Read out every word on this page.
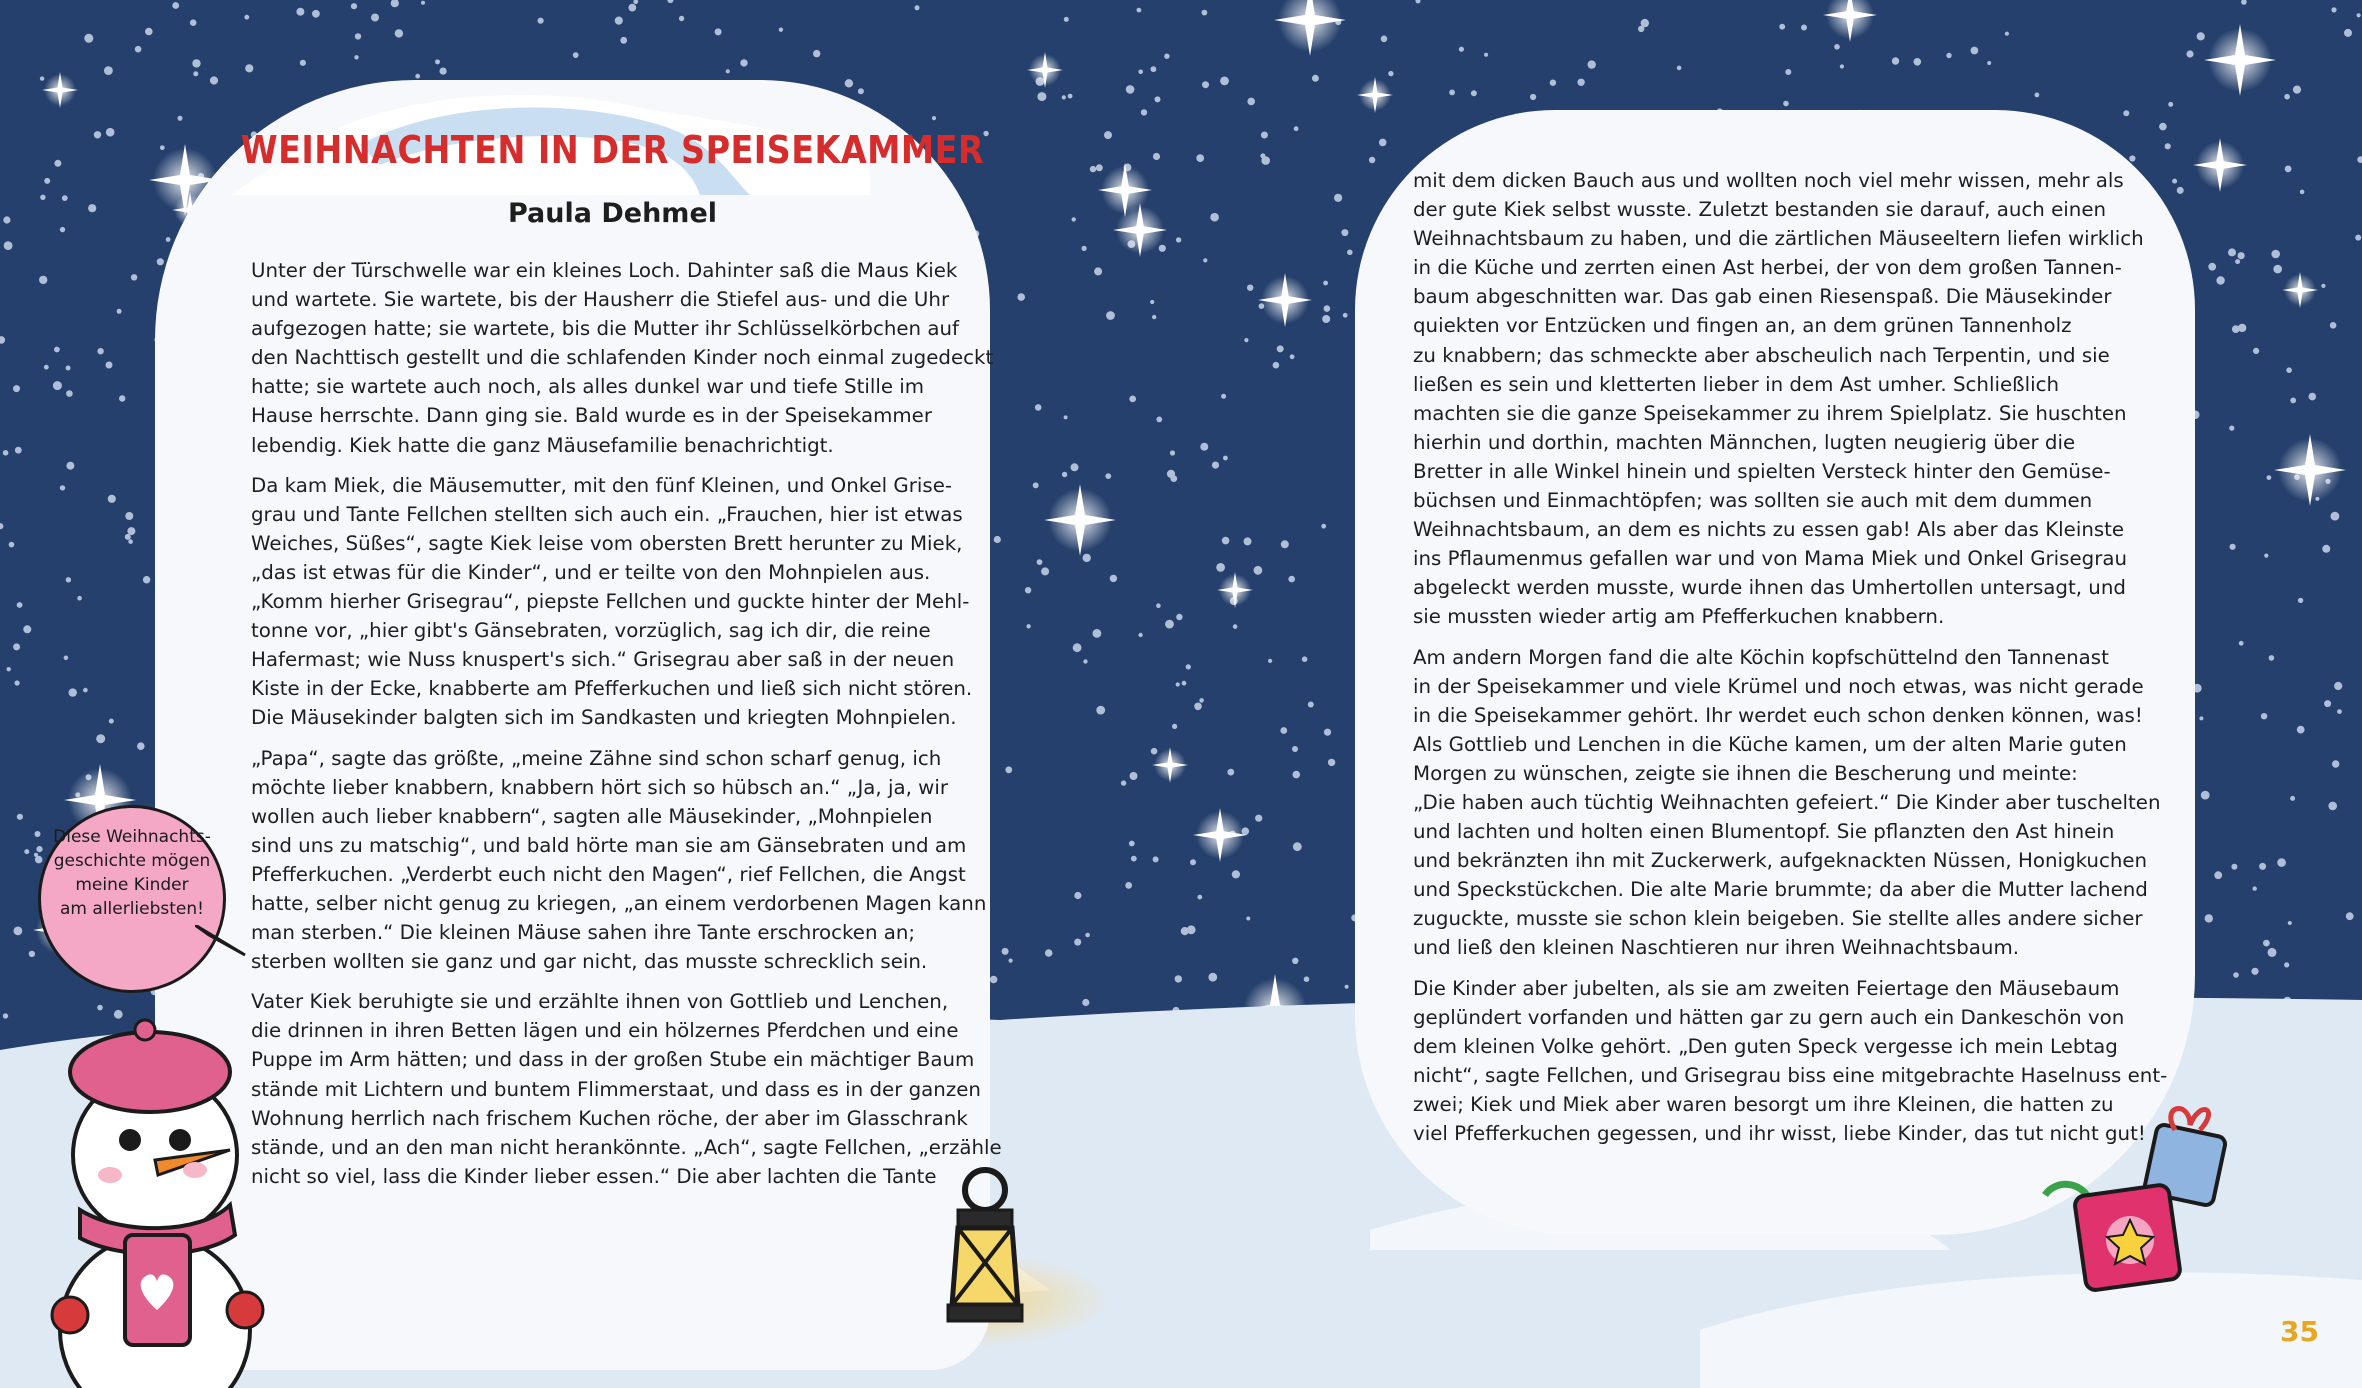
WEIHNACHTEN IN DER SPEISEKAMMER
Paula Dehmel

Unter der Türschwelle war ein kleines Loch. Dahinter saß die Maus Kiek
und wartete. Sie wartete, bis der Hausherr die Stiefel aus- und die Uhr
aufgezogen hatte; sie wartete, bis die Mutter ihr Schlüsselkörbchen auf
den Nachttisch gestellt und die schlafenden Kinder noch einmal zugedeckt
hatte; sie wartete auch noch, als alles dunkel war und tiefe Stille im
Hause herrschte. Dann ging sie. Bald wurde es in der Speisekammer
lebendig. Kiek hatte die ganz Mäusefamilie benachrichtigt.

Da kam Miek, die Mäusemutter, mit den fünf Kleinen, und Onkel Grise-
grau und Tante Fellchen stellten sich auch ein. „Frauchen, hier ist etwas
Weiches, Süßes“, sagte Kiek leise vom obersten Brett herunter zu Miek,
„das ist etwas für die Kinder“, und er teilte von den Mohnpielen aus.
„Komm hierher Grisegrau“, piepste Fellchen und guckte hinter der Mehl-
tonne vor, „hier gibt's Gänsebraten, vorzüglich, sag ich dir, die reine
Hafermast; wie Nuss knuspert's sich.“ Grisegrau aber saß in der neuen
Kiste in der Ecke, knabberte am Pfefferkuchen und ließ sich nicht stören.
Die Mäusekinder balgten sich im Sandkasten und kriegten Mohnpielen.

„Papa“, sagte das größte, „meine Zähne sind schon scharf genug, ich
möchte lieber knabbern, knabbern hört sich so hübsch an.“ „Ja, ja, wir
wollen auch lieber knabbern“, sagten alle Mäusekinder, „Mohnpielen
sind uns zu matschig“, und bald hörte man sie am Gänsebraten und am
Pfefferkuchen. „Verderbt euch nicht den Magen“, rief Fellchen, die Angst
hatte, selber nicht genug zu kriegen, „an einem verdorbenen Magen kann
man sterben.“ Die kleinen Mäuse sahen ihre Tante erschrocken an;
sterben wollten sie ganz und gar nicht, das musste schrecklich sein.

Vater Kiek beruhigte sie und erzählte ihnen von Gottlieb und Lenchen,
die drinnen in ihren Betten lägen und ein hölzernes Pferdchen und eine
Puppe im Arm hätten; und dass in der großen Stube ein mächtiger Baum
stände mit Lichtern und buntem Flimmerstaat, und dass es in der ganzen
Wohnung herrlich nach frischem Kuchen röche, der aber im Glasschrank
stände, und an den man nicht herankönnte. „Ach“, sagte Fellchen, „erzähle
nicht so viel, lass die Kinder lieber essen.“ Die aber lachten die Tante

mit dem dicken Bauch aus und wollten noch viel mehr wissen, mehr als
der gute Kiek selbst wusste. Zuletzt bestanden sie darauf, auch einen
Weihnachtsbaum zu haben, und die zärtlichen Mäuseeltern liefen wirklich
in die Küche und zerrten einen Ast herbei, der von dem großen Tannen-
baum abgeschnitten war. Das gab einen Riesenspaß. Die Mäusekinder
quiekten vor Entzücken und fingen an, an dem grünen Tannenholz
zu knabbern; das schmeckte aber abscheulich nach Terpentin, und sie
ließen es sein und kletterten lieber in dem Ast umher. Schließlich
machten sie die ganze Speisekammer zu ihrem Spielplatz. Sie huschten
hierhin und dorthin, machten Männchen, lugten neugierig über die
Bretter in alle Winkel hinein und spielten Versteck hinter den Gemüse-
büchsen und Einmachtöpfen; was sollten sie auch mit dem dummen
Weihnachtsbaum, an dem es nichts zu essen gab! Als aber das Kleinste
ins Pflaumenmus gefallen war und von Mama Miek und Onkel Grisegrau
abgeleckt werden musste, wurde ihnen das Umhertollen untersagt, und
sie mussten wieder artig am Pfefferkuchen knabbern.

Am andern Morgen fand die alte Köchin kopfschüttelnd den Tannenast
in der Speisekammer und viele Krümel und noch etwas, was nicht gerade
in die Speisekammer gehört. Ihr werdet euch schon denken können, was!
Als Gottlieb und Lenchen in die Küche kamen, um der alten Marie guten
Morgen zu wünschen, zeigte sie ihnen die Bescherung und meinte:
„Die haben auch tüchtig Weihnachten gefeiert.“ Die Kinder aber tuschelten
und lachten und holten einen Blumentopf. Sie pflanzten den Ast hinein
und bekränzten ihn mit Zuckerwerk, aufgeknackten Nüssen, Honigkuchen
und Speckstückchen. Die alte Marie brummte; da aber die Mutter lachend
zuguckte, musste sie schon klein beigeben. Sie stellte alles andere sicher
und ließ den kleinen Naschtieren nur ihren Weihnachtsbaum.

Die Kinder aber jubelten, als sie am zweiten Feiertage den Mäusebaum
geplündert vorfanden und hätten gar zu gern auch ein Dankeschön von
dem kleinen Volke gehört. „Den guten Speck vergesse ich mein Lebtag
nicht“, sagte Fellchen, und Grisegrau biss eine mitgebrachte Haselnuss ent-
zwei; Kiek und Miek aber waren besorgt um ihre Kleinen, die hatten zu
viel Pfefferkuchen gegessen, und ihr wisst, liebe Kinder, das tut nicht gut!

Diese Weihnachts-
geschichte mögen
meine Kinder
am allerliebsten!

35
